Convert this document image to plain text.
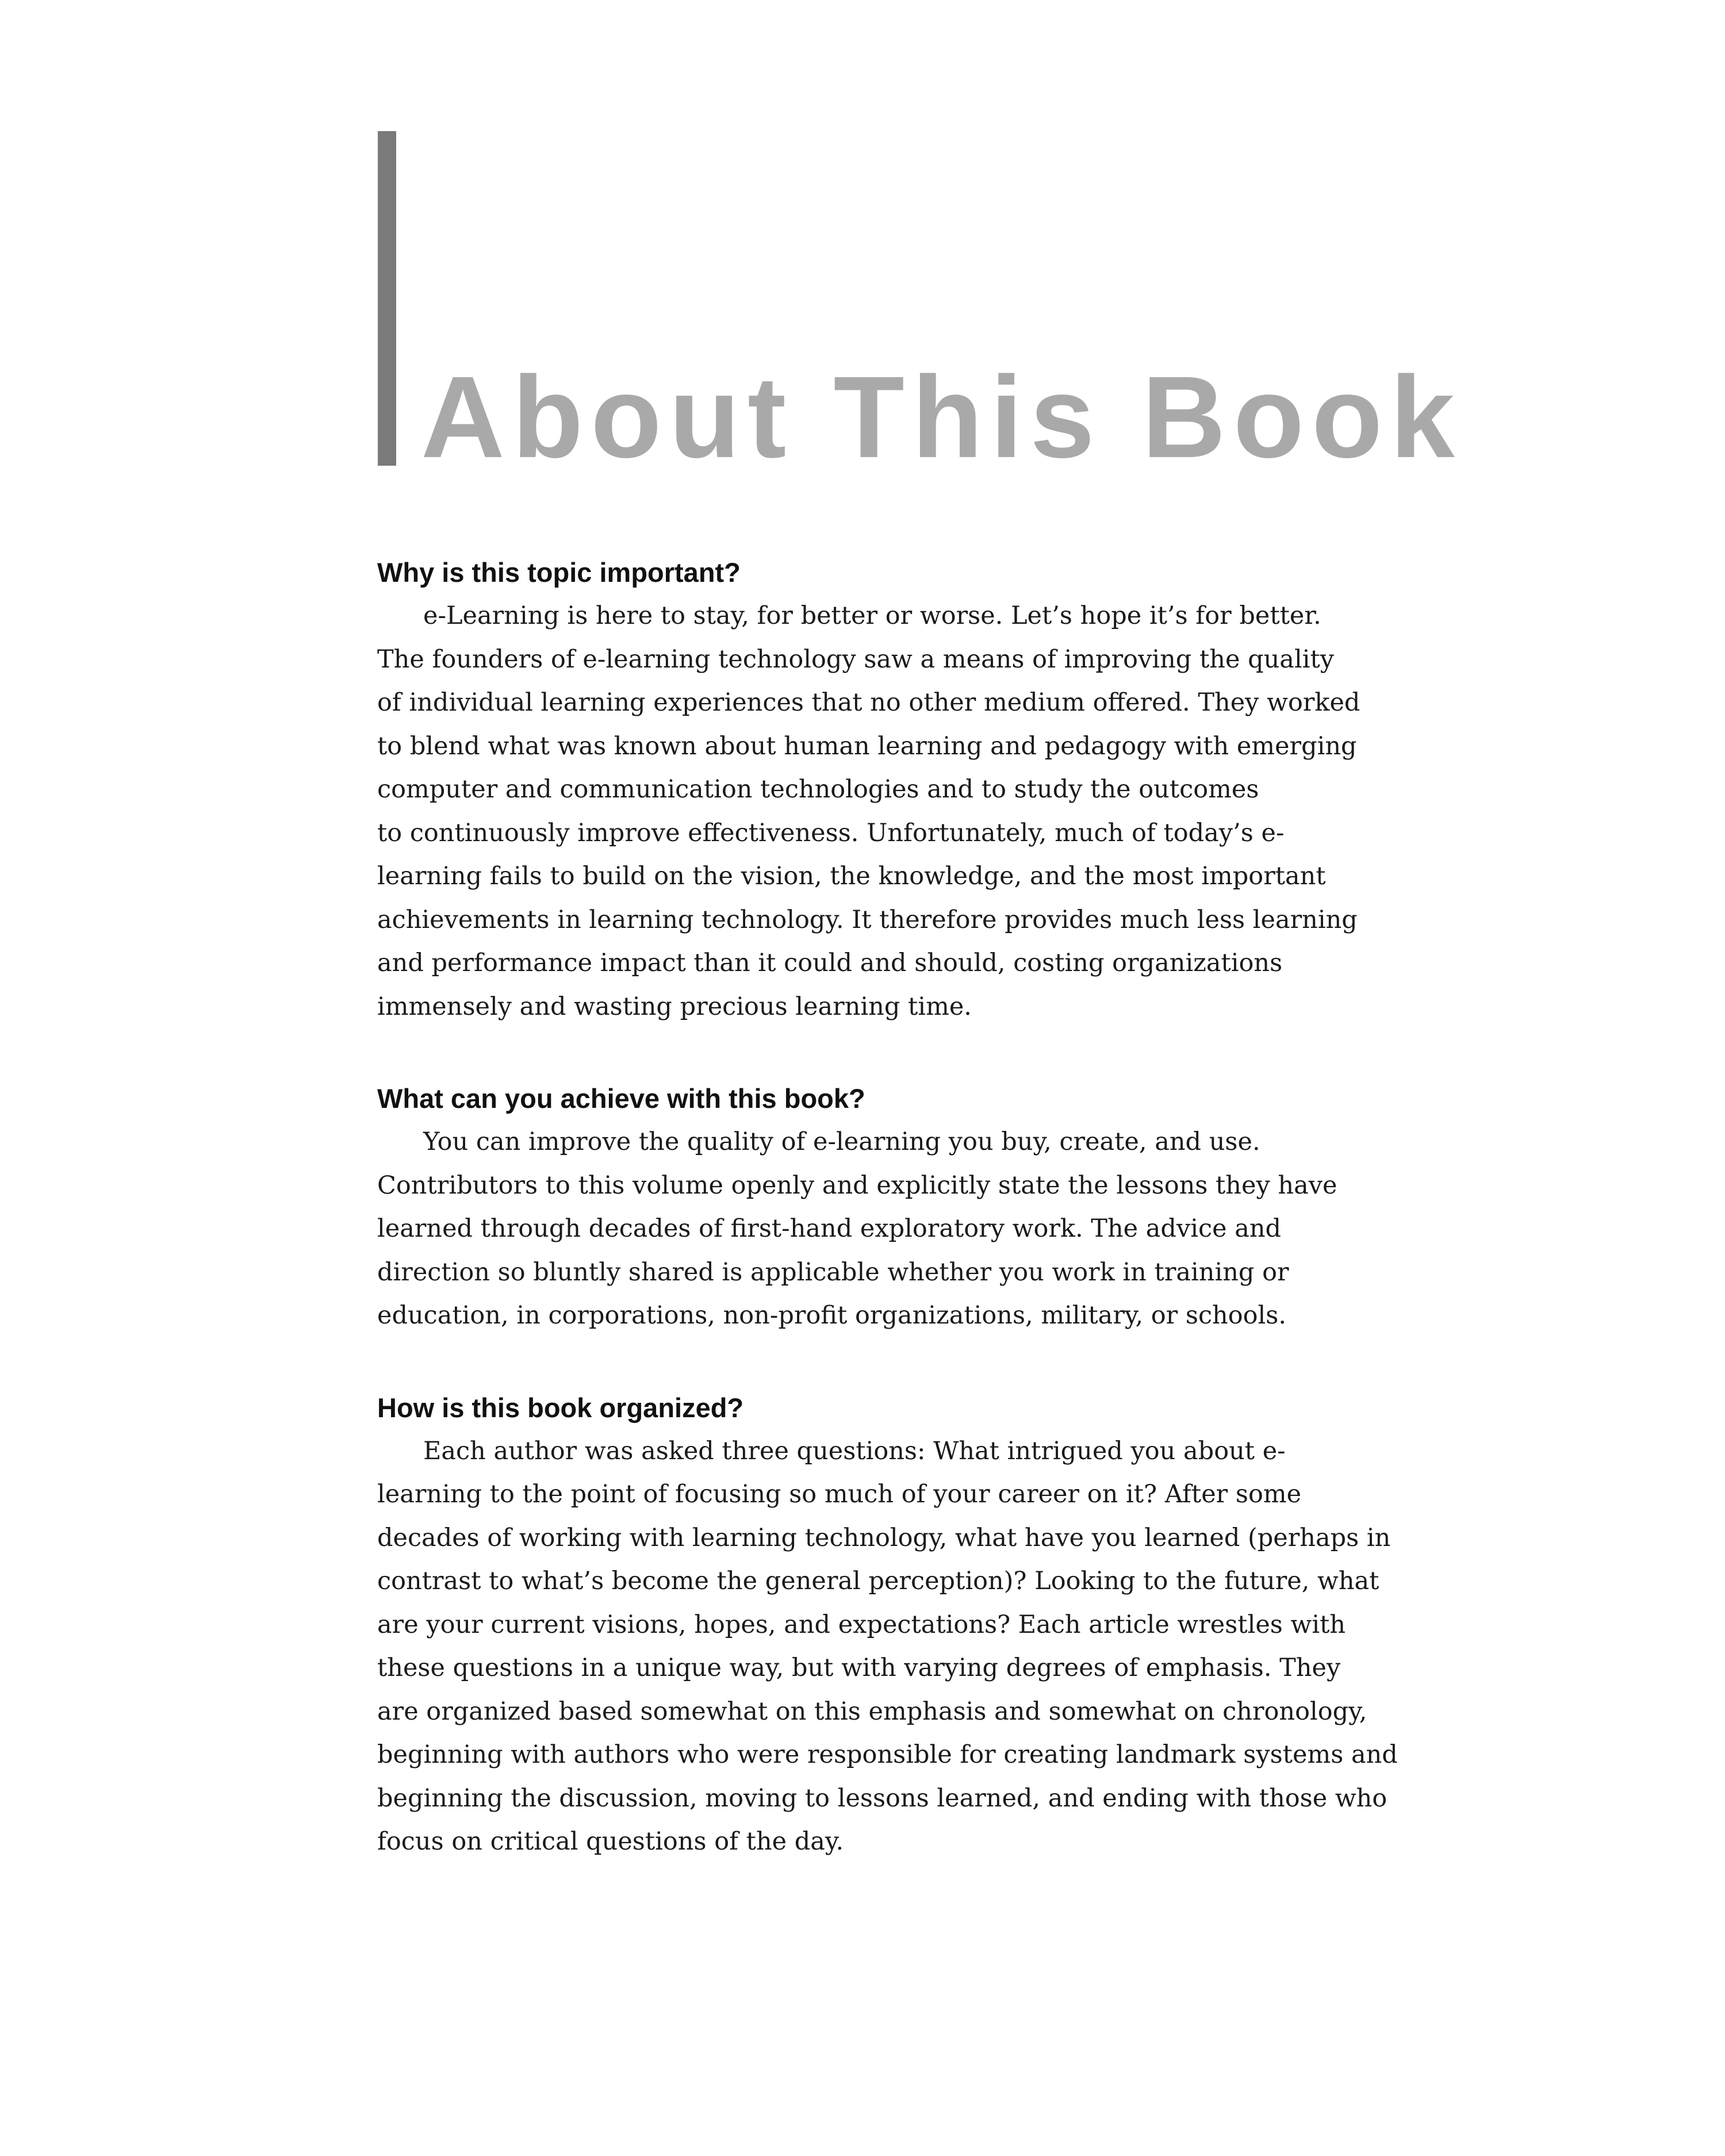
About This Book
Why is this topic important?

e-Learning is here to stay, for better or worse. Let’s hope it’s for better.
The founders of e-learning technology saw a means of improving the quality
of individual learning experiences that no other medium offered. They worked
to blend what was known about human learning and pedagogy with emerging
computer and communication technologies and to study the outcomes
to continuously improve effectiveness. Unfortunately, much of today’s e-
learning fails to build on the vision, the knowledge, and the most important
achievements in learning technology. It therefore provides much less learning
and performance impact than it could and should, costing organizations
immensely and wasting precious learning time.

What can you achieve with this book?

You can improve the quality of e-learning you buy, create, and use.
Contributors to this volume openly and explicitly state the lessons they have
learned through decades of first-hand exploratory work. The advice and
direction so bluntly shared is applicable whether you work in training or
education, in corporations, non-profit organizations, military, or schools.

How is this book organized?

Each author was asked three questions: What intrigued you about e-
learning to the point of focusing so much of your career on it? After some
decades of working with learning technology, what have you learned (perhaps in
contrast to what’s become the general perception)? Looking to the future, what
are your current visions, hopes, and expectations? Each article wrestles with
these questions in a unique way, but with varying degrees of emphasis. They
are organized based somewhat on this emphasis and somewhat on chronology,
beginning with authors who were responsible for creating landmark systems and
beginning the discussion, moving to lessons learned, and ending with those who
focus on critical questions of the day.
